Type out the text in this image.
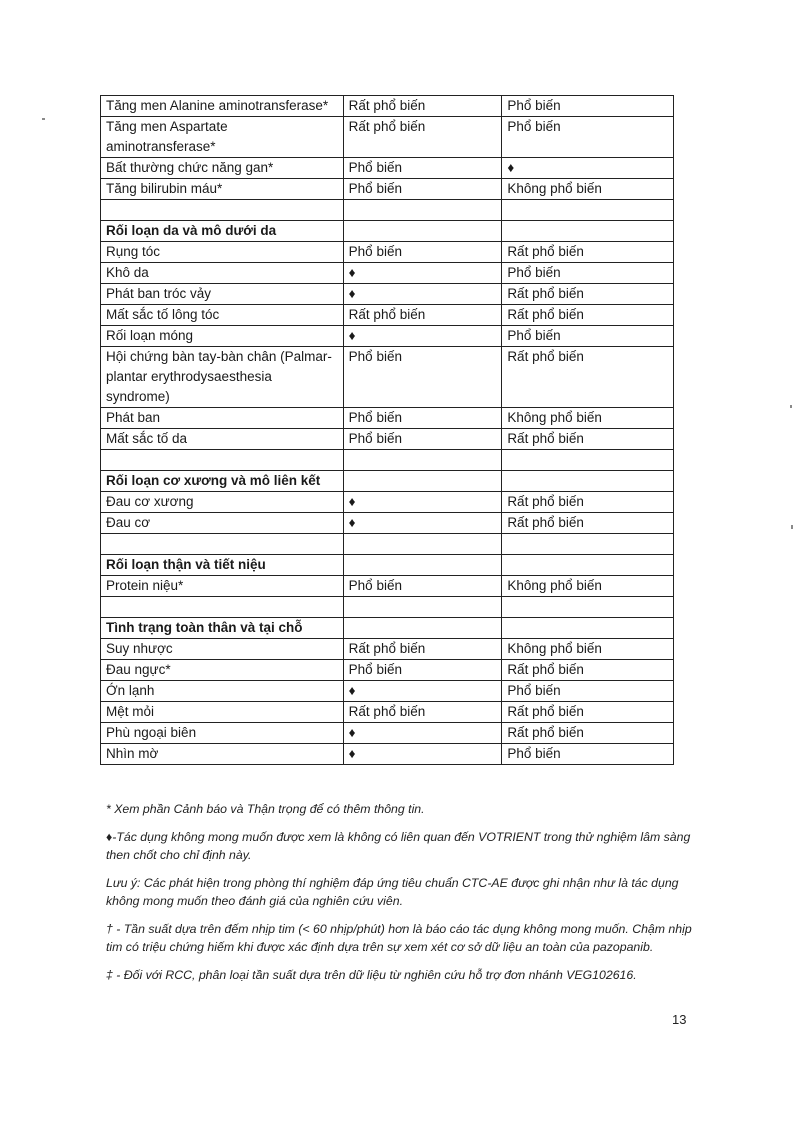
Tăng men Alanine aminotransferase*	Rất phổ biến	Phổ biến
Tăng men Aspartate aminotransferase*	Rất phổ biến	Phổ biến
Bất thường chức năng gan*	Phổ biến	♦
Tăng bilirubin máu*	Phổ biến	Không phổ biến

Rối loạn da và mô dưới da		
Rụng tóc	Phổ biến	Rất phổ biến
Khô da	♦	Phổ biến
Phát ban tróc vảy	♦	Rất phổ biến
Mất sắc tố lông tóc	Rất phổ biến	Rất phổ biến
Rối loạn móng	♦	Phổ biến
Hội chứng bàn tay-bàn chân (Palmar-plantar erythrodysaesthesia syndrome)	Phổ biến	Rất phổ biến
Phát ban	Phổ biến	Không phổ biến
Mất sắc tố da	Phổ biến	Rất phổ biến

Rối loạn cơ xương và mô liên kết		
Đau cơ xương	♦	Rất phổ biến
Đau cơ	♦	Rất phổ biến

Rối loạn thận và tiết niệu		
Protein niệu*	Phổ biến	Không phổ biến

Tình trạng toàn thân và tại chỗ		
Suy nhược	Rất phổ biến	Không phổ biến
Đau ngực*	Phổ biến	Rất phổ biến
Ớn lạnh	♦	Phổ biến
Mệt mỏi	Rất phổ biến	Rất phổ biến
Phù ngoại biên	♦	Rất phổ biến
Nhìn mờ	♦	Phổ biến

* Xem phần Cảnh báo và Thận trọng để có thêm thông tin.

♦-Tác dụng không mong muốn được xem là không có liên quan đến VOTRIENT trong thử nghiệm lâm sàng then chốt cho chỉ định này.

Lưu ý: Các phát hiện trong phòng thí nghiệm đáp ứng tiêu chuẩn CTC-AE được ghi nhận như là tác dụng không mong muốn theo đánh giá của nghiên cứu viên.

† - Tần suất dựa trên đếm nhịp tim (< 60 nhịp/phút) hơn là báo cáo tác dụng không mong muốn. Chậm nhịp tim có triệu chứng hiếm khi được xác định dựa trên sự xem xét cơ sở dữ liệu an toàn của pazopanib.

‡ - Đối với RCC, phân loại tần suất dựa trên dữ liệu từ nghiên cứu hỗ trợ đơn nhánh VEG102616.

13
